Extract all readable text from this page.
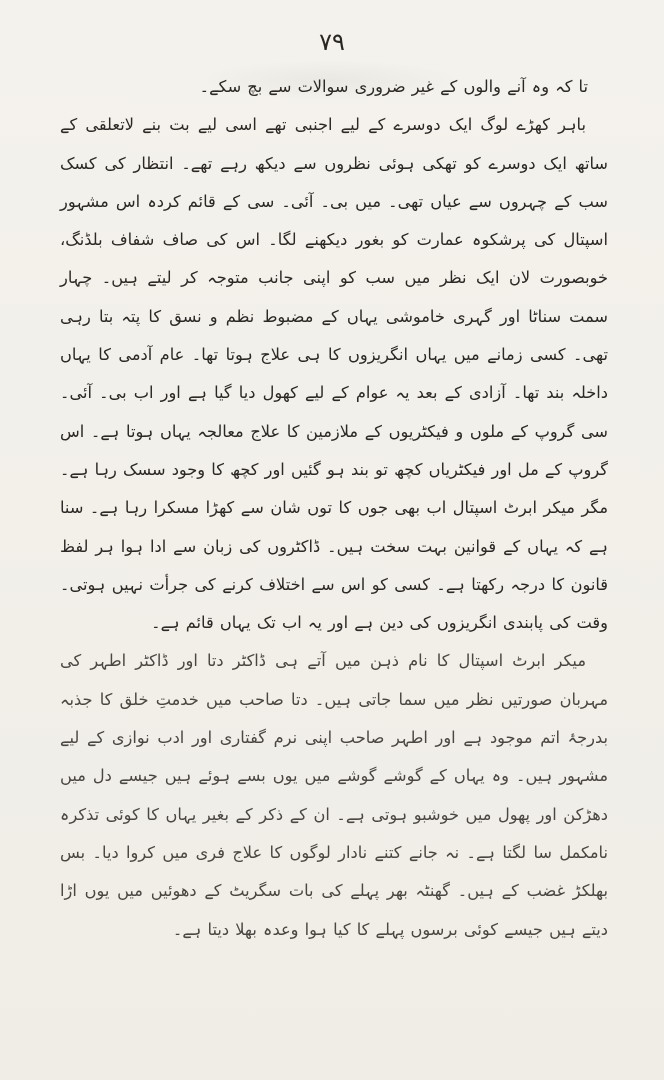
۷۹

تا کہ وہ آنے والوں کے غیر ضروری سوالات سے بچ سکے۔

باہر کھڑے لوگ ایک دوسرے کے لیے اجنبی تھے اسی لیے بت بنے لاتعلقی کے ساتھ ایک دوسرے کو تھکی ہوئی نظروں سے دیکھ رہے تھے۔ انتظار کی کسک سب کے چہروں سے عیاں تھی۔ میں بی۔ آئی۔ سی کے قائم کردہ اس مشہور اسپتال کی پرشکوہ عمارت کو بغور دیکھنے لگا۔ اس کی صاف شفاف بلڈنگ، خوبصورت لان ایک نظر میں سب کو اپنی جانب متوجہ کر لیتے ہیں۔ چہار سمت سناٹا اور گہری خاموشی یہاں کے مضبوط نظم و نسق کا پتہ بتا رہی تھی۔ کسی زمانے میں یہاں انگریزوں کا ہی علاج ہوتا تھا۔ عام آدمی کا یہاں داخلہ بند تھا۔ آزادی کے بعد یہ عوام کے لیے کھول دیا گیا ہے اور اب بی۔ آئی۔ سی گروپ کے ملوں و فیکٹریوں کے ملازمین کا علاج معالجہ یہاں ہوتا ہے۔ اس گروپ کے مل اور فیکٹریاں کچھ تو بند ہو گئیں اور کچھ کا وجود سسک رہا ہے۔ مگر میکر ابرٹ اسپتال اب بھی جوں کا توں شان سے کھڑا مسکرا رہا ہے۔ سنا ہے کہ یہاں کے قوانین بہت سخت ہیں۔ ڈاکٹروں کی زبان سے ادا ہوا ہر لفظ قانون کا درجہ رکھتا ہے۔ کسی کو اس سے اختلاف کرنے کی جرأت نہیں ہوتی۔ وقت کی پابندی انگریزوں کی دین ہے اور یہ اب تک یہاں قائم ہے۔

میکر ابرٹ اسپتال کا نام ذہن میں آتے ہی ڈاکٹر دتا اور ڈاکٹر اطہر کی مہربان صورتیں نظر میں سما جاتی ہیں۔ دتا صاحب میں خدمتِ خلق کا جذبہ بدرجۂ اتم موجود ہے اور اطہر صاحب اپنی نرم گفتاری اور ادب نوازی کے لیے مشہور ہیں۔ وہ یہاں کے گوشے گوشے میں یوں بسے ہوئے ہیں جیسے دل میں دھڑکن اور پھول میں خوشبو ہوتی ہے۔ ان کے ذکر کے بغیر یہاں کا کوئی تذکرہ نامکمل سا لگتا ہے۔ نہ جانے کتنے نادار لوگوں کا علاج فری میں کروا دیا۔ بس بھلکڑ غضب کے ہیں۔ گھنٹہ بھر پہلے کی بات سگریٹ کے دھوئیں میں یوں اڑا دیتے ہیں جیسے کوئی برسوں پہلے کا کیا ہوا وعدہ بھلا دیتا ہے۔
